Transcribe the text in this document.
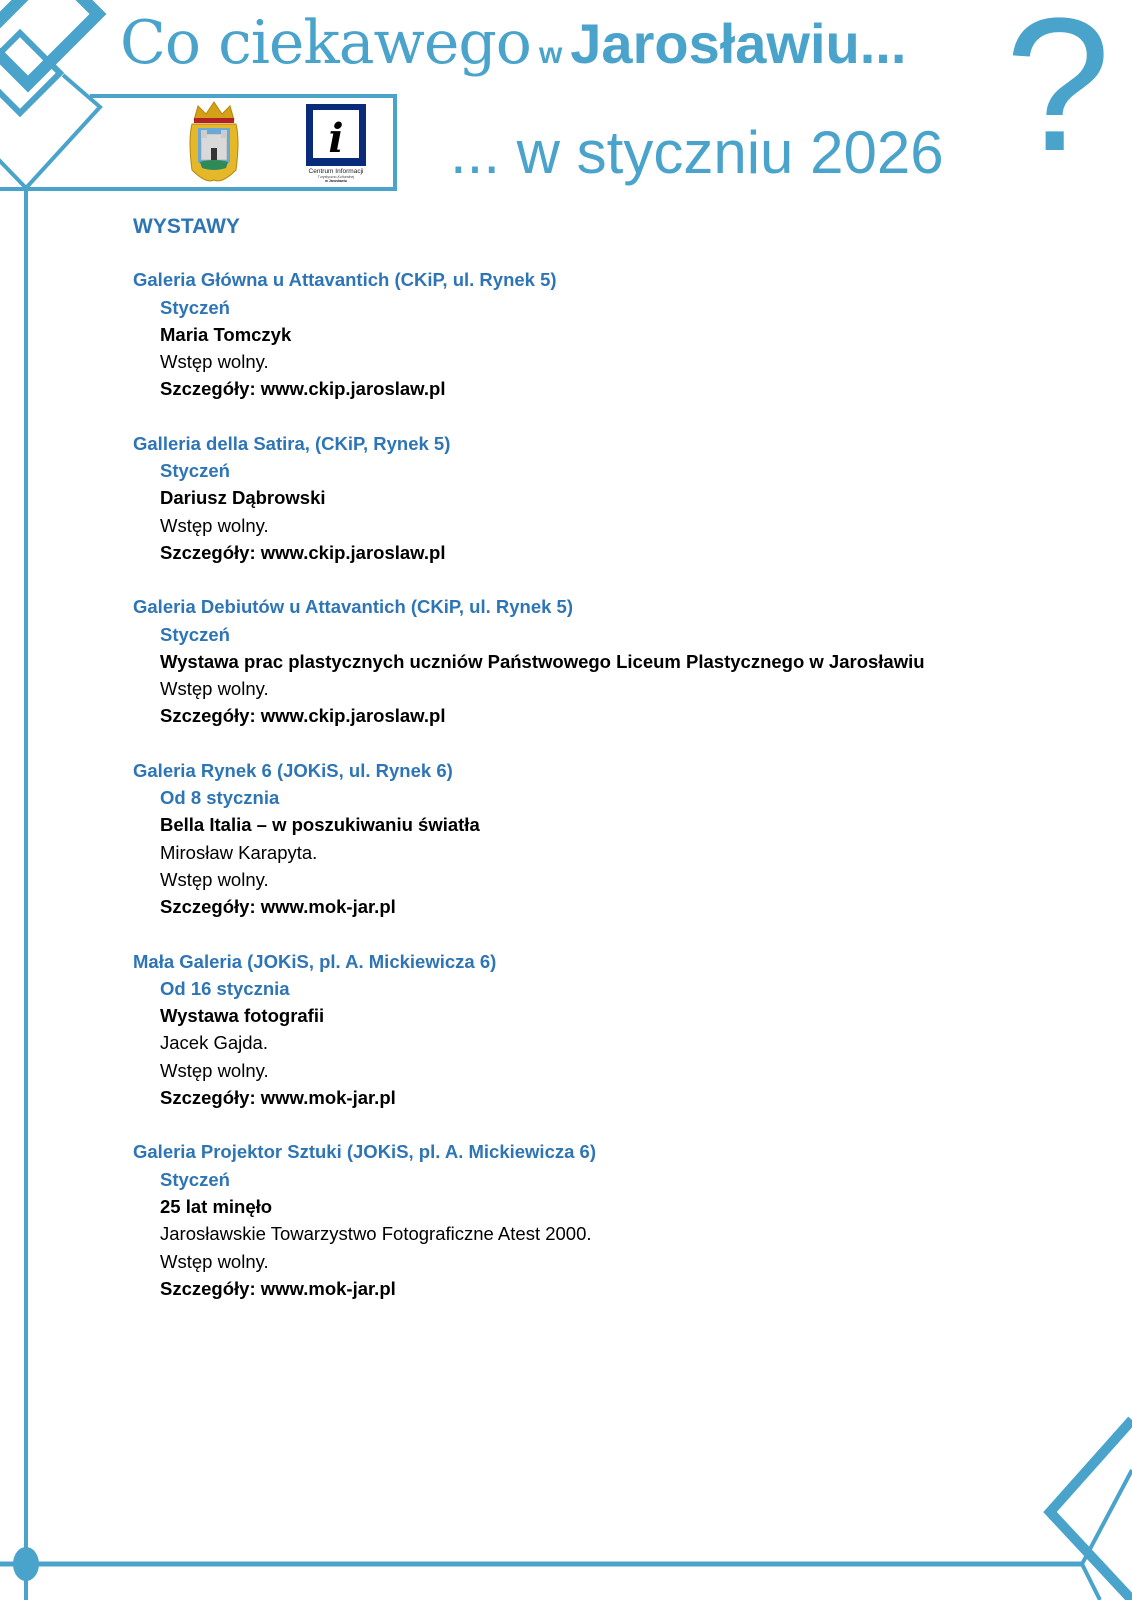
Co ciekawego w Jarosławiu...
... w styczniu 2026 ?
i
Centrum Informacji
Turystyczno-Kulturalnej
w Jarosławiu
WYSTAWY
Galeria Główna u Attavantich (CKiP, ul. Rynek 5)
Styczeń
Maria Tomczyk
Wstęp wolny.
Szczegóły: www.ckip.jaroslaw.pl
Galleria della Satira, (CKiP, Rynek 5)
Styczeń
Dariusz Dąbrowski
Wstęp wolny.
Szczegóły: www.ckip.jaroslaw.pl
Galeria Debiutów u Attavantich (CKiP, ul. Rynek 5)
Styczeń
Wystawa prac plastycznych uczniów Państwowego Liceum Plastycznego w Jarosławiu
Wstęp wolny.
Szczegóły: www.ckip.jaroslaw.pl
Galeria Rynek 6 (JOKiS, ul. Rynek 6)
Od 8 stycznia
Bella Italia – w poszukiwaniu światła
Mirosław Karapyta.
Wstęp wolny.
Szczegóły: www.mok-jar.pl
Mała Galeria (JOKiS, pl. A. Mickiewicza 6)
Od 16 stycznia
Wystawa fotografii
Jacek Gajda.
Wstęp wolny.
Szczegóły: www.mok-jar.pl
Galeria Projektor Sztuki (JOKiS, pl. A. Mickiewicza 6)
Styczeń
25 lat minęło
Jarosławskie Towarzystwo Fotograficzne Atest 2000.
Wstęp wolny.
Szczegóły: www.mok-jar.pl
